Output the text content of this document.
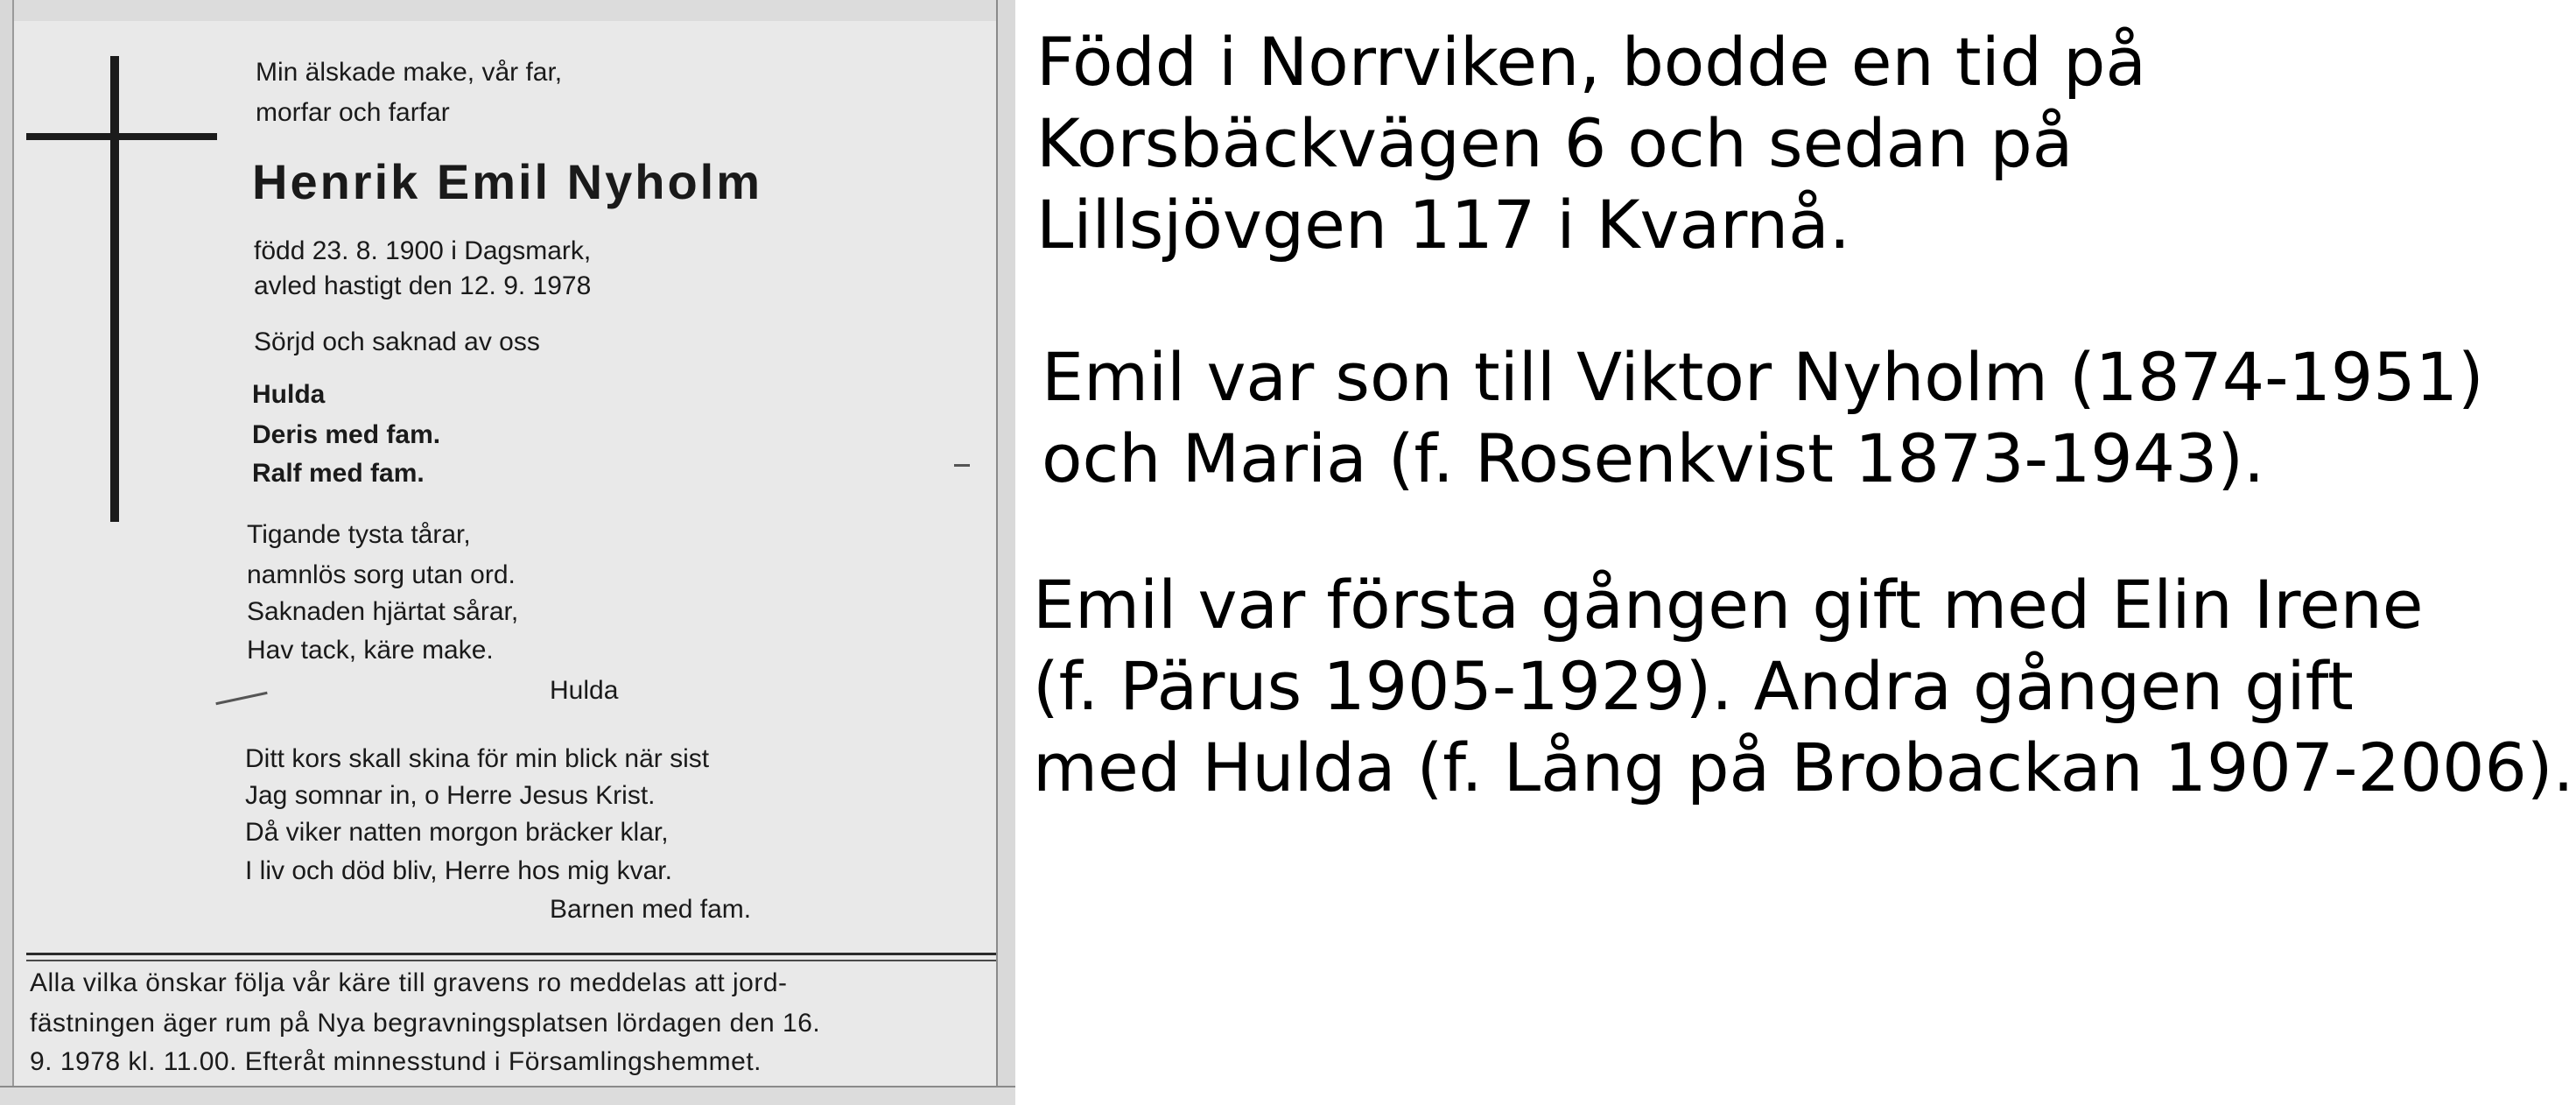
Min älskade make, vår far,
morfar och farfar
Henrik Emil Nyholm
född 23. 8. 1900 i Dagsmark,
avled hastigt den 12. 9. 1978
Sörjd och saknad av oss
Hulda
Deris med fam.
Ralf med fam.
Tigande tysta tårar,
namnlös sorg utan ord.
Saknaden hjärtat sårar,
Hav tack, käre make.
Hulda
Ditt kors skall skina för min blick när sist
Jag somnar in, o Herre Jesus Krist.
Då viker natten morgon bräcker klar,
I liv och död bliv, Herre hos mig kvar.
Barnen med fam.
Alla vilka önskar följa vår käre till gravens ro meddelas att jord-
fästningen äger rum på Nya begravningsplatsen lördagen den 16.
9. 1978 kl. 11.00. Efteråt minnesstund i Församlingshemmet.
Född i Norrviken, bodde en tid på
Korsbäckvägen 6 och sedan på
Lillsjövgen 117 i Kvarnå.
Emil var son till Viktor Nyholm (1874-1951)
och Maria (f. Rosenkvist 1873-1943).
Emil var första gången gift med Elin Irene
(f. Pärus 1905-1929). Andra gången gift
med Hulda (f. Lång på Brobackan 1907-2006).
